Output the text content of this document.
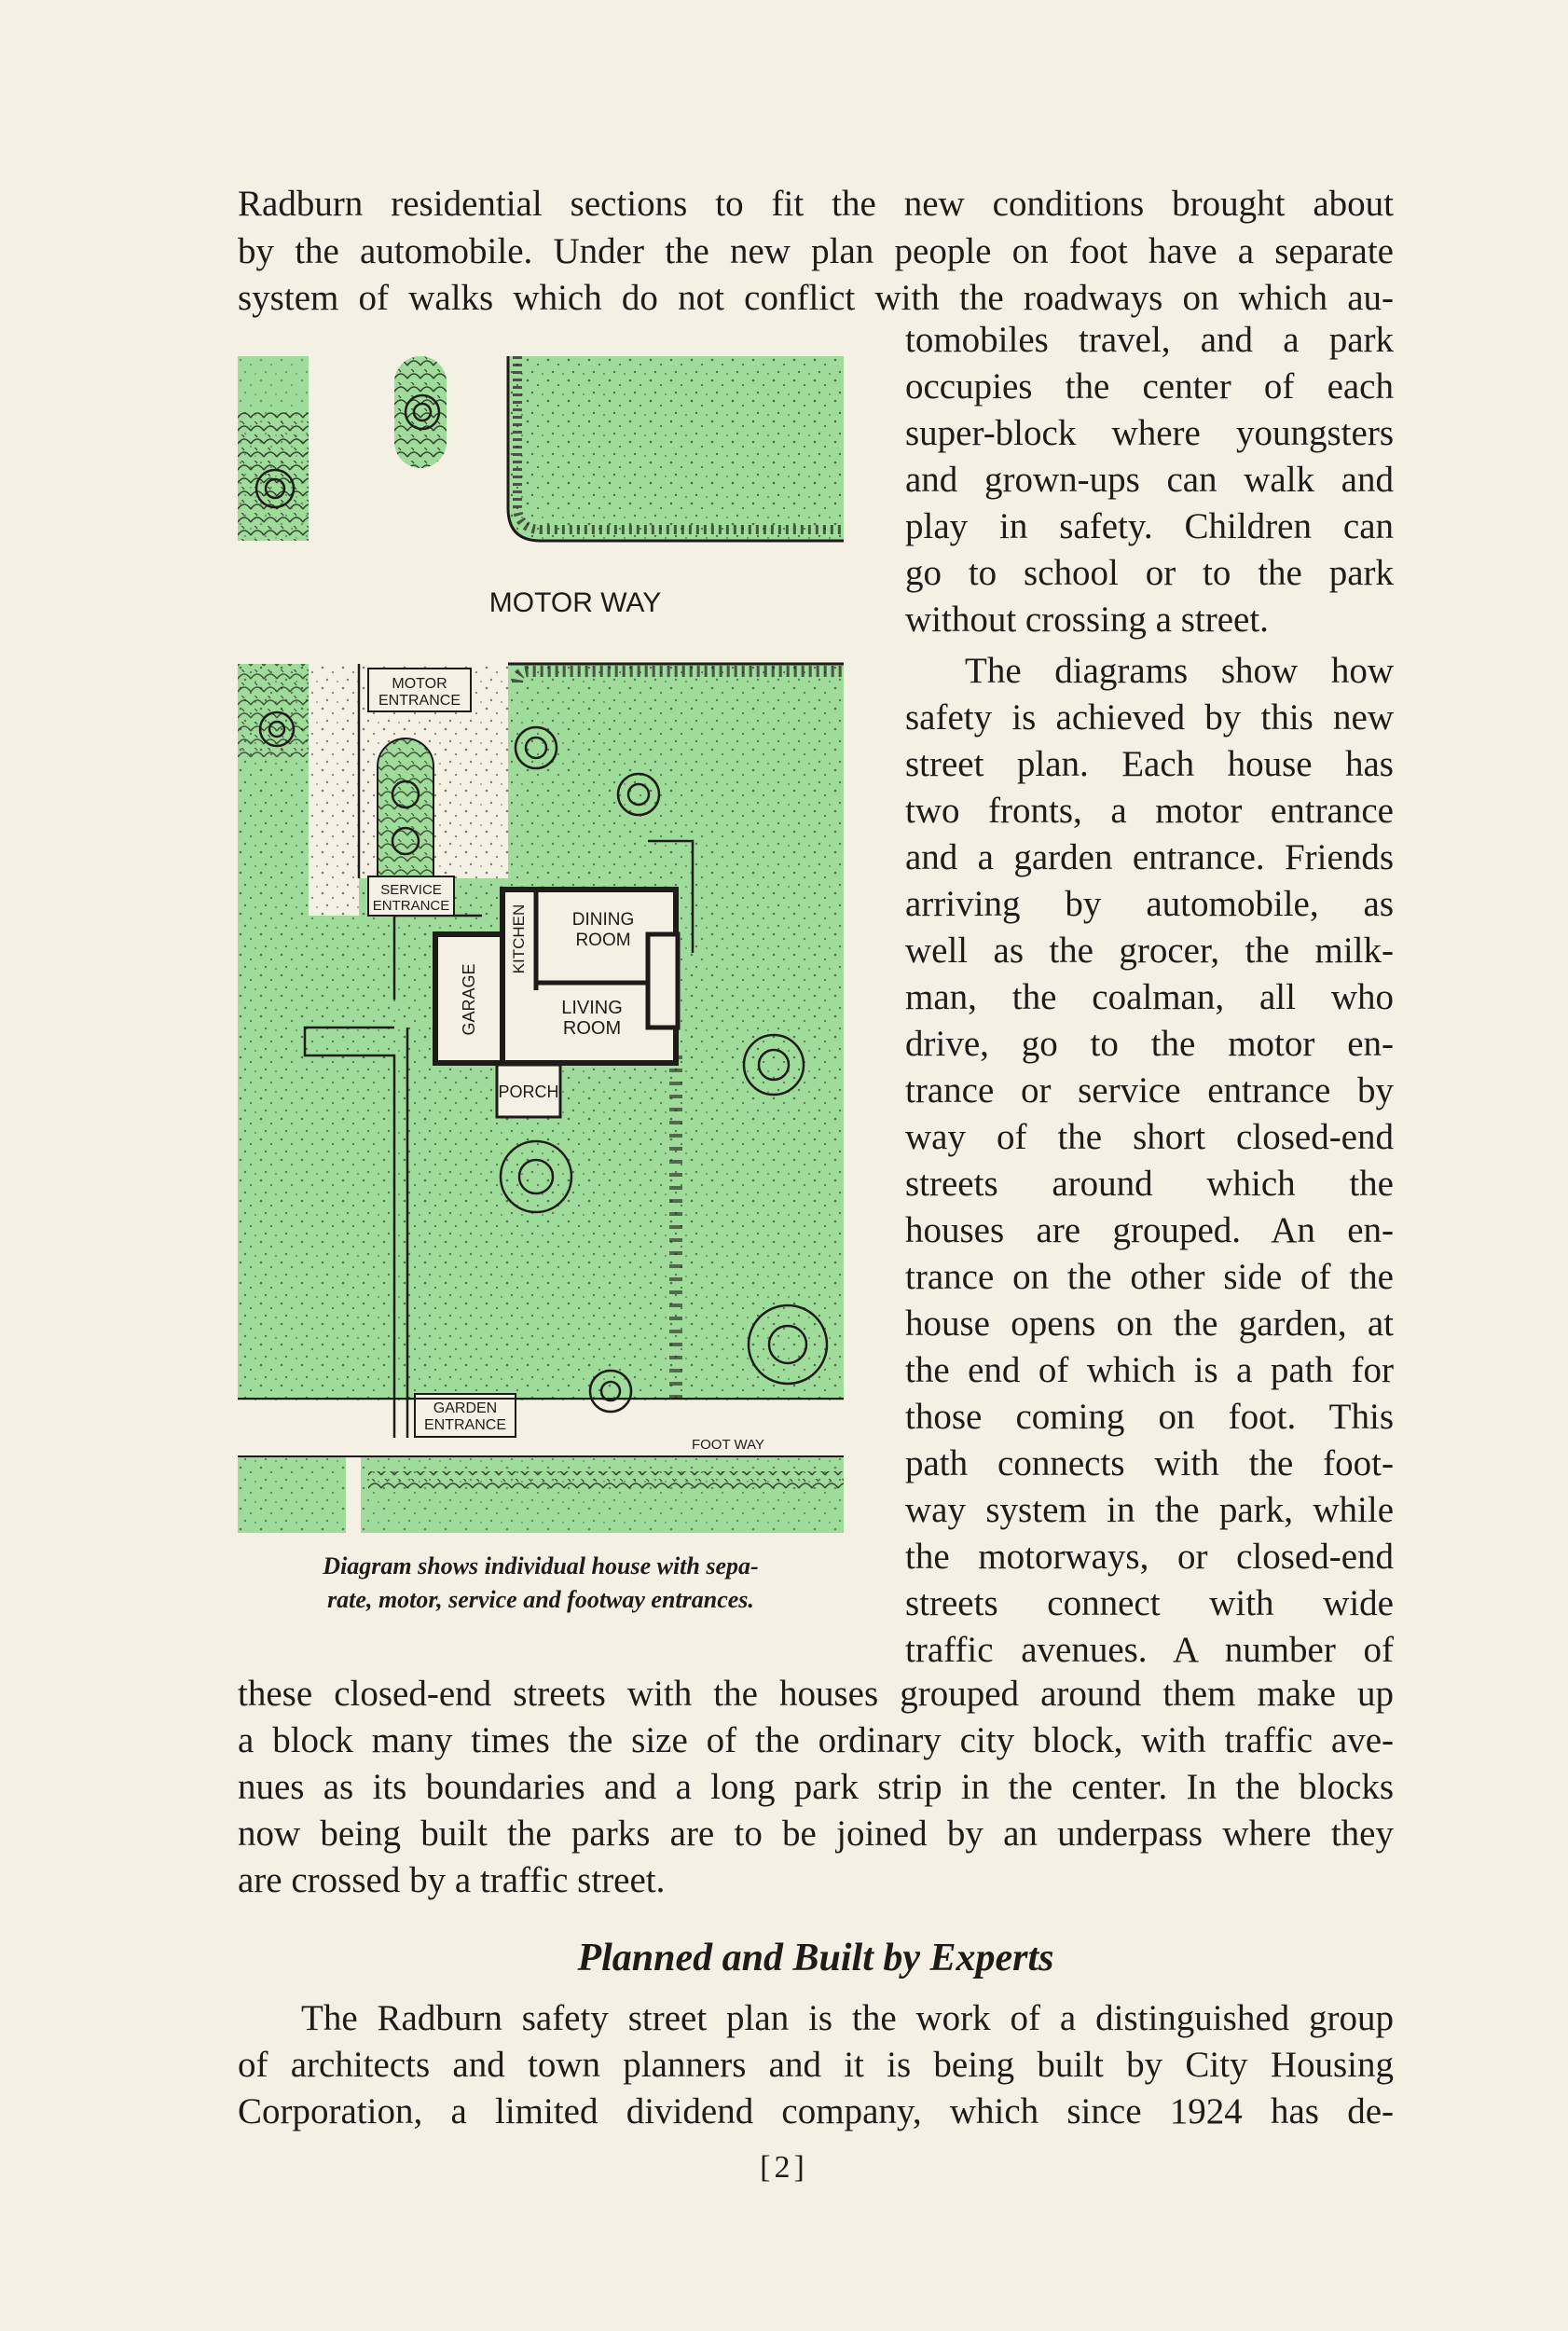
Radburn residential sections to fit the new conditions brought about
by the automobile. Under the new plan people on foot have a separate
system of walks which do not conflict with the roadways on which au-
tomobiles travel, and a park
occupies the center of each
super-block where youngsters
and grown-ups can walk and
play in safety. Children can
go to school or to the park
without crossing a street.
The diagrams show how
safety is achieved by this new
street plan. Each house has
two fronts, a motor entrance
and a garden entrance. Friends
arriving by automobile, as
well as the grocer, the milk-
man, the coalman, all who
drive, go to the motor en-
trance or service entrance by
way of the short closed-end
streets around which the
houses are grouped. An en-
trance on the other side of the
house opens on the garden, at
the end of which is a path for
those coming on foot. This
path connects with the foot-
way system in the park, while
the motorways, or closed-end
streets connect with wide
traffic avenues. A number of
MOTOR WAY
MOTOR
ENTRANCE
SERVICE
ENTRANCE	KITCHEN	DINING
ROOM
GARAGE	LIVING
ROOM
PORCH
GARDEN
ENTRANCE
FOOT WAY
Diagram shows individual house with sepa-
rate, motor, service and footway entrances.
these closed-end streets with the houses grouped around them make up
a block many times the size of the ordinary city block, with traffic ave-
nues as its boundaries and a long park strip in the center. In the blocks
now being built the parks are to be joined by an underpass where they
are crossed by a traffic street.
Planned and Built by Experts
The Radburn safety street plan is the work of a distinguished group
of architects and town planners and it is being built by City Housing
Corporation, a limited dividend company, which since 1924 has de-
[2]
